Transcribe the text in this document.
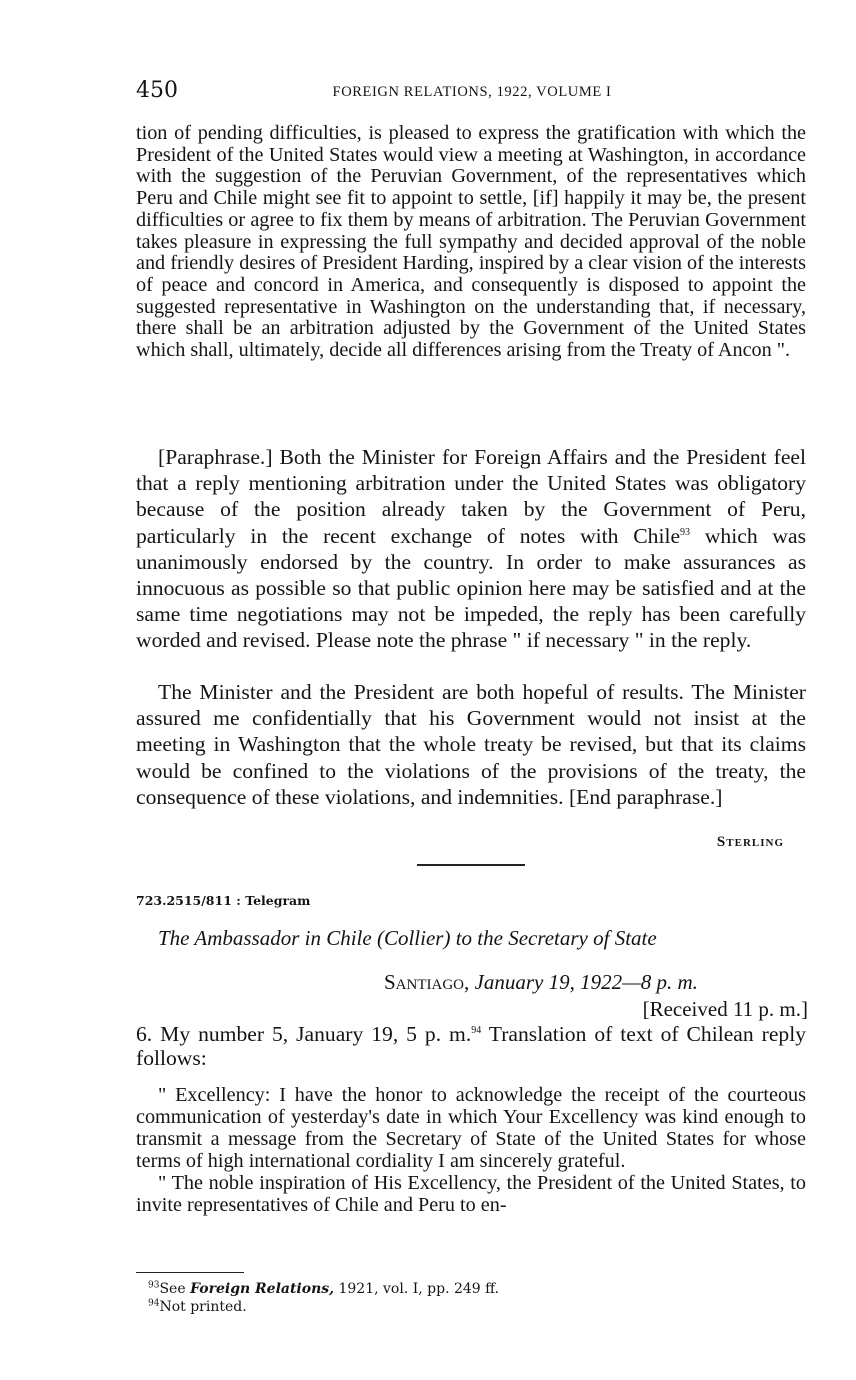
450	FOREIGN RELATIONS, 1922, VOLUME I

tion of pending difficulties, is pleased to express the gratification with which the President of the United States would view a meeting at Washington, in accordance with the suggestion of the Peruvian Government, of the representatives which Peru and Chile might see fit to appoint to settle, [if] happily it may be, the present difficulties or agree to fix them by means of arbitration. The Peruvian Government takes pleasure in expressing the full sympathy and decided approval of the noble and friendly desires of President Harding, inspired by a clear vision of the interests of peace and concord in America, and consequently is disposed to appoint the suggested representative in Washington on the understanding that, if necessary, there shall be an arbitration adjusted by the Government of the United States which shall, ultimately, decide all differences arising from the Treaty of Ancon ".

[Paraphrase.] Both the Minister for Foreign Affairs and the President feel that a reply mentioning arbitration under the United States was obligatory because of the position already taken by the Government of Peru, particularly in the recent exchange of notes with Chile$^{93}$ which was unanimously endorsed by the country. In order to make assurances as innocuous as possible so that public opinion here may be satisfied and at the same time negotiations may not be impeded, the reply has been carefully worded and revised. Please note the phrase " if necessary " in the reply.

The Minister and the President are both hopeful of results. The Minister assured me confidentially that his Government would not insist at the meeting in Washington that the whole treaty be revised, but that its claims would be confined to the violations of the provisions of the treaty, the consequence of these violations, and indemnities. [End paraphrase.]

Sterling
723.2515/811 : Telegram
The Ambassador in Chile (Collier) to the Secretary of State
Santiago, January 19, 1922—8 p. m.
[Received 11 p. m.]

6. My number 5, January 19, 5 p. m.$^{94}$ Translation of text of Chilean reply follows:

" Excellency: I have the honor to acknowledge the receipt of the courteous communication of yesterday's date in which Your Excellency was kind enough to transmit a message from the Secretary of State of the United States for whose terms of high international cordiality I am sincerely grateful.

" The noble inspiration of His Excellency, the President of the United States, to invite representatives of Chile and Peru to en-

$^{93}$See Foreign Relations, 1921, vol. I, pp. 249 ff.
$^{94}$Not printed.
